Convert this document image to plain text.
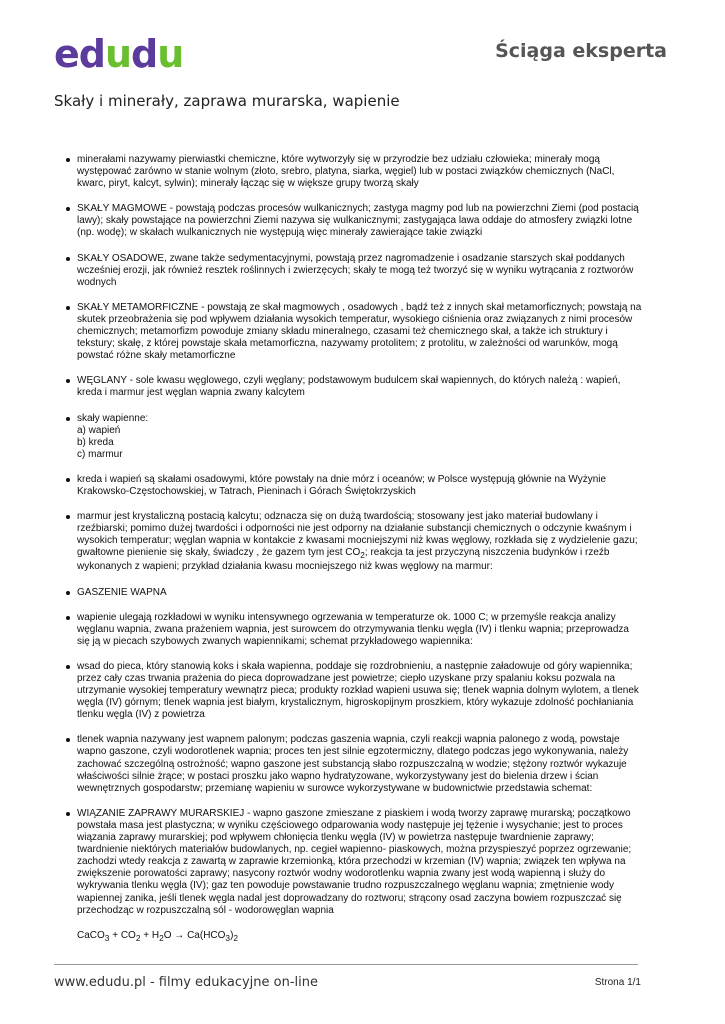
edudu	Ściąga eksperta
Skały i minerały, zaprawa murarska, wapienie

minerałami nazywamy pierwiastki chemiczne, które wytworzyły się w przyrodzie bez udziału człowieka; minerały mogą występować zarówno w stanie wolnym (złoto, srebro, platyna, siarka, węgiel) lub w postaci związków chemicznych (NaCl, kwarc, piryt, kalcyt, sylwin); minerały łącząc się w większe grupy tworzą skały

SKAŁY MAGMOWE - powstają podczas procesów wulkanicznych; zastyga magmy pod lub na powierzchni Ziemi (pod postacią lawy); skały powstające na powierzchni Ziemi nazywa się wulkanicznymi; zastygająca lawa oddaje do atmosfery związki lotne (np. wodę); w skałach wulkanicznych nie występują więc minerały zawierające takie związki

SKAŁY OSADOWE, zwane także sedymentacyjnymi, powstają przez nagromadzenie i osadzanie starszych skał poddanych wcześniej erozji, jak również resztek roślinnych i zwierzęcych; skały te mogą też tworzyć się w wyniku wytrącania z roztworów wodnych

SKAŁY METAMORFICZNE - powstają ze skał magmowych , osadowych , bądź też z innych skał metamorficznych; powstają na skutek przeobrażenia się pod wpływem działania wysokich temperatur, wysokiego ciśnienia oraz związanych z nimi procesów chemicznych; metamorfizm powoduje zmiany składu mineralnego, czasami też chemicznego skał, a także ich struktury i tekstury; skałę, z której powstaje skała metamorficzna, nazywamy protolitem; z protolitu, w zależności od warunków, mogą powstać różne skały metamorficzne

WĘGLANY - sole kwasu węglowego, czyli węglany; podstawowym budulcem skał wapiennych, do których należą : wapień, kreda i marmur jest węglan wapnia zwany kalcytem

skały wapienne:

a) wapień

b) kreda

c) marmur

kreda i wapień są skałami osadowymi, które powstały na dnie mórz i oceanów; w Polsce występują głównie na Wyżynie Krakowsko-Częstochowskiej, w Tatrach, Pieninach i Górach Świętokrzyskich

marmur jest krystaliczną postacią kalcytu; odznacza się on dużą twardością; stosowany jest jako materiał budowlany i rzeźbiarski; pomimo dużej twardości i odporności nie jest odporny na działanie substancji chemicznych o odczynie kwaśnym i wysokich temperatur; węglan wapnia w kontakcie z kwasami mocniejszymi niż kwas węglowy, rozkłada się z wydzielenie gazu; gwałtowne pienienie się skały, świadczy , że gazem tym jest $CO_2$; reakcja ta jest przyczyną niszczenia budynków i rzeźb wykonanych z wapieni; przykład działania kwasu mocniejszego niż kwas węglowy na marmur:

GASZENIE WAPNA

wapienie ulegają rozkładowi w wyniku intensywnego ogrzewania w temperaturze ok. 1000 C; w przemyśle reakcja analizy węglanu wapnia, zwana prażeniem wapnia, jest surowcem do otrzymywania tlenku węgla (IV) i tlenku wapnia; przeprowadza się ją w piecach szybowych zwanych wapiennikami; schemat przykładowego wapiennika:

wsad do pieca, który stanowią koks i skała wapienna, poddaje się rozdrobnieniu, a następnie załadowuje od góry wapiennika; przez cały czas trwania prażenia do pieca doprowadzane jest powietrze; ciepło uzyskane przy spalaniu koksu pozwala na utrzymanie wysokiej temperatury wewnątrz pieca; produkty rozkład wapieni usuwa się; tlenek wapnia dolnym wylotem, a tlenek węgla (IV) górnym; tlenek wapnia jest białym, krystalicznym, higroskopijnym proszkiem, który wykazuje zdolność pochłaniania tlenku węgla (IV) z powietrza

tlenek wapnia nazywany jest wapnem palonym; podczas gaszenia wapnia, czyli reakcji wapnia palonego z wodą, powstaje wapno gaszone, czyli wodorotlenek wapnia; proces ten jest silnie egzotermiczny, dlatego podczas jego wykonywania, należy zachować szczególną ostrożność; wapno gaszone jest substancją słabo rozpuszczalną w wodzie; stężony roztwór wykazuje właściwości silnie żrące; w postaci proszku jako wapno hydratyzowane, wykorzystywany jest do bielenia drzew i ścian wewnętrznych gospodarstw; przemianę wapieniu w surowce wykorzystywane w budownictwie przedstawia schemat:

WIĄZANIE ZAPRAWY MURARSKIEJ - wapno gaszone zmieszane z piaskiem i wodą tworzy zaprawę murarską; początkowo powstała masa jest plastyczna; w wyniku częściowego odparowania wody następuje jej tężenie i wysychanie; jest to proces wiązania zaprawy murarskiej; pod wpływem chłonięcia tlenku węgla (IV) w powietrza następuje twardnienie zaprawy; twardnienie niektórych materiałów budowlanych, np. cegieł wapienno- piaskowych, można przyspieszyć poprzez ogrzewanie; zachodzi wtedy reakcja z zawartą w zaprawie krzemionką, która przechodzi w krzemian (IV) wapnia; związek ten wpływa na zwiększenie porowatości zaprawy; nasycony roztwór wodny wodorotlenku wapnia zwany jest wodą wapienną i służy do wykrywania tlenku węgla (IV); gaz ten powoduje powstawanie trudno rozpuszczalnego węglanu wapnia; zmętnienie wody wapiennej zanika, jeśli tlenek węgla nadal jest doprowadzany do roztworu; strącony osad zaczyna bowiem rozpuszczać się przechodząc w rozpuszczalną sól - wodorowęglan wapnia

CaCO$_3$ + $CO_2 + H_2O \to Ca(HCO_3)_2$
www.edudu.pl - filmy edukacyjne on-line	Strona 1/1
